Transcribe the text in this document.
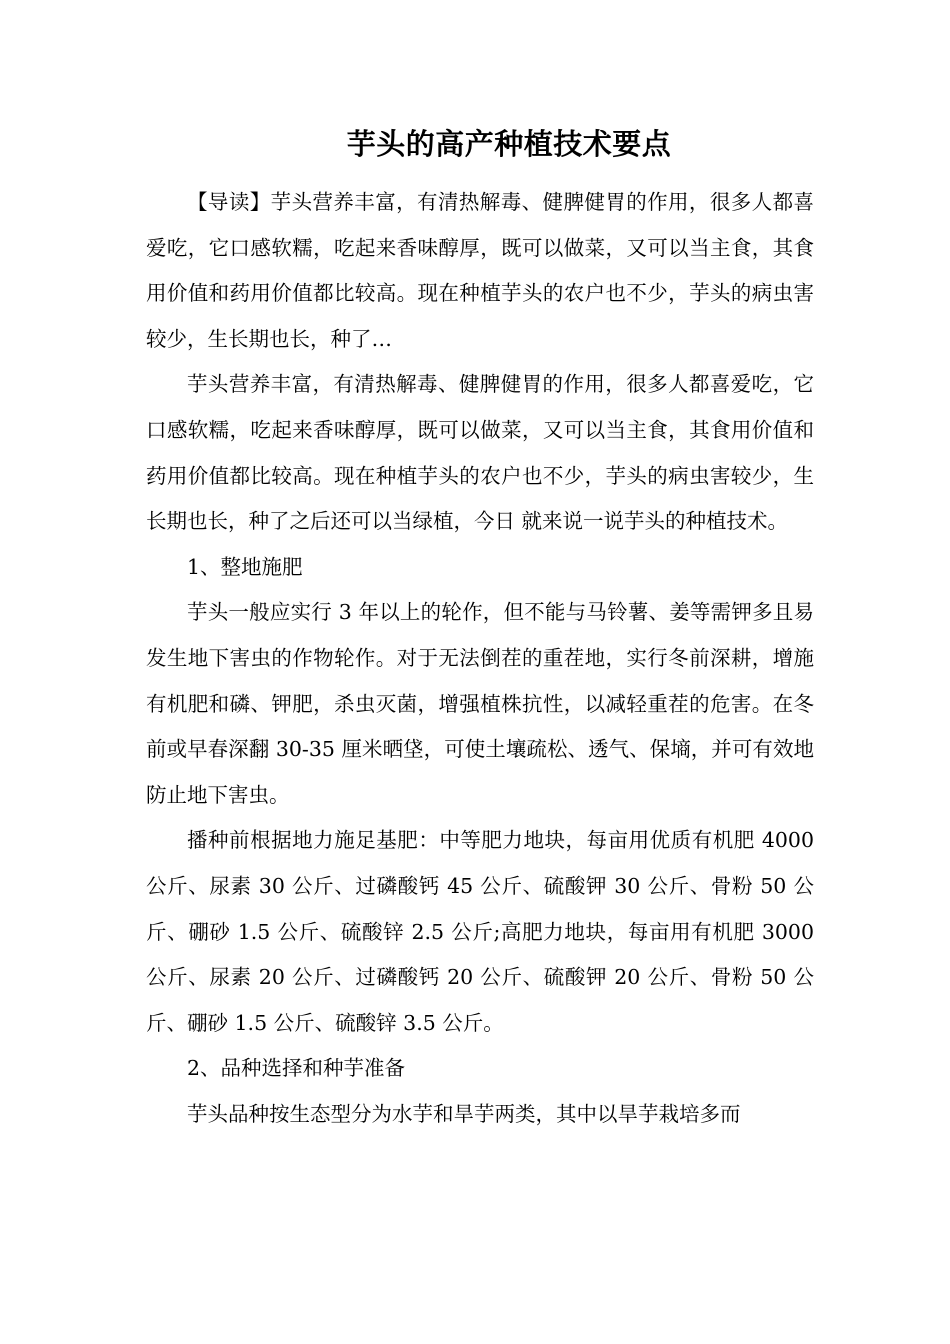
芋头的高产种植技术要点

【导读】芋头营养丰富，有清热解毒、健脾健胃的作用，很多人都喜爱吃，它口感软糯，吃起来香味醇厚，既可以做菜，又可以当主食，其食用价值和药用价值都比较高。现在种植芋头的农户也不少，芋头的病虫害较少，生长期也长，种了…

芋头营养丰富，有清热解毒、健脾健胃的作用，很多人都喜爱吃，它口感软糯，吃起来香味醇厚，既可以做菜，又可以当主食，其食用价值和药用价值都比较高。现在种植芋头的农户也不少，芋头的病虫害较少，生长期也长，种了之后还可以当绿植，今日 就来说一说芋头的种植技术。

1、整地施肥

芋头一般应实行 3 年以上的轮作，但不能与马铃薯、姜等需钾多且易发生地下害虫的作物轮作。对于无法倒茬的重茬地，实行冬前深耕，增施有机肥和磷、钾肥，杀虫灭菌，增强植株抗性，以减轻重茬的危害。在冬前或早春深翻 30-35 厘米晒垡，可使土壤疏松、透气、保墒，并可有效地防止地下害虫。

播种前根据地力施足基肥：中等肥力地块，每亩用优质有机肥 4000 公斤、尿素 30 公斤、过磷酸钙 45 公斤、硫酸钾 30 公斤、骨粉 50 公斤、硼砂 1.5 公斤、硫酸锌 2.5 公斤;高肥力地块，每亩用有机肥 3000 公斤、尿素 20 公斤、过磷酸钙 20 公斤、硫酸钾 20 公斤、骨粉 50 公斤、硼砂 1.5 公斤、硫酸锌 3.5 公斤。

2、品种选择和种芋准备

芋头品种按生态型分为水芋和旱芋两类，其中以旱芋栽培多而
